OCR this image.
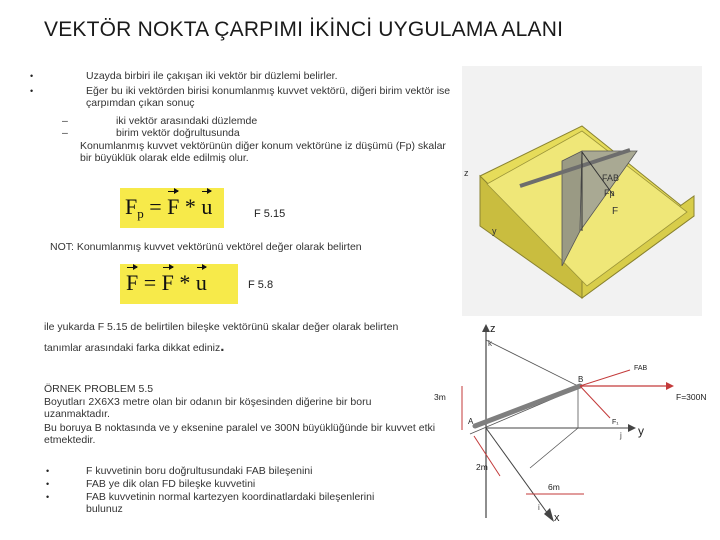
VEKTÖR NOKTA ÇARPIMI İKİNCİ UYGULAMA ALANI
•	Uzayda birbiri ile çakışan iki vektör bir düzlemi belirler.
•	Eğer bu iki vektörden birisi konumlanmış kuvvet vektörü, diğeri birim vektör ise çarpımdan çıkan sonuç
–	iki vektör arasındaki düzlemde
–	birim vektör doğrultusunda
Konumlanmış kuvvet vektörünün diğer konum vektörüne iz düşümü (Fp) skalar bir büyüklük olarak elde edilmiş olur.
$F_p = F * u$	F 5.15
NOT: Konumlanmış kuvvet vektörünü vektörel değer olarak belirten
F = F * u	F 5.8
ile yukarda F 5.15 de belirtilen bileşke vektörünü skalar değer olarak belirten
tanımlar arasındaki farka dikkat ediniz.
ÖRNEK PROBLEM 5.5
Boyutları 2X6X3 metre olan bir odanın bir köşesinden diğerine bir boru uzanmaktadır.
Bu boruya B noktasında ve y eksenine paralel ve 300N büyüklüğünde bir kuvvet etki etmektedir.
•	F kuvvetinin boru doğrultusundaki FAB bileşenini
•	FAB ye dik olan FD bileşke kuvvetini
•	FAB kuvvetinin normal kartezyen koordinatlardaki bileşenlerini bulunuz
Fp
FAB
F
z
y
z
k
y
j
x
i
B
A
F=300N
FAB
F₁
3m
2m
6m
